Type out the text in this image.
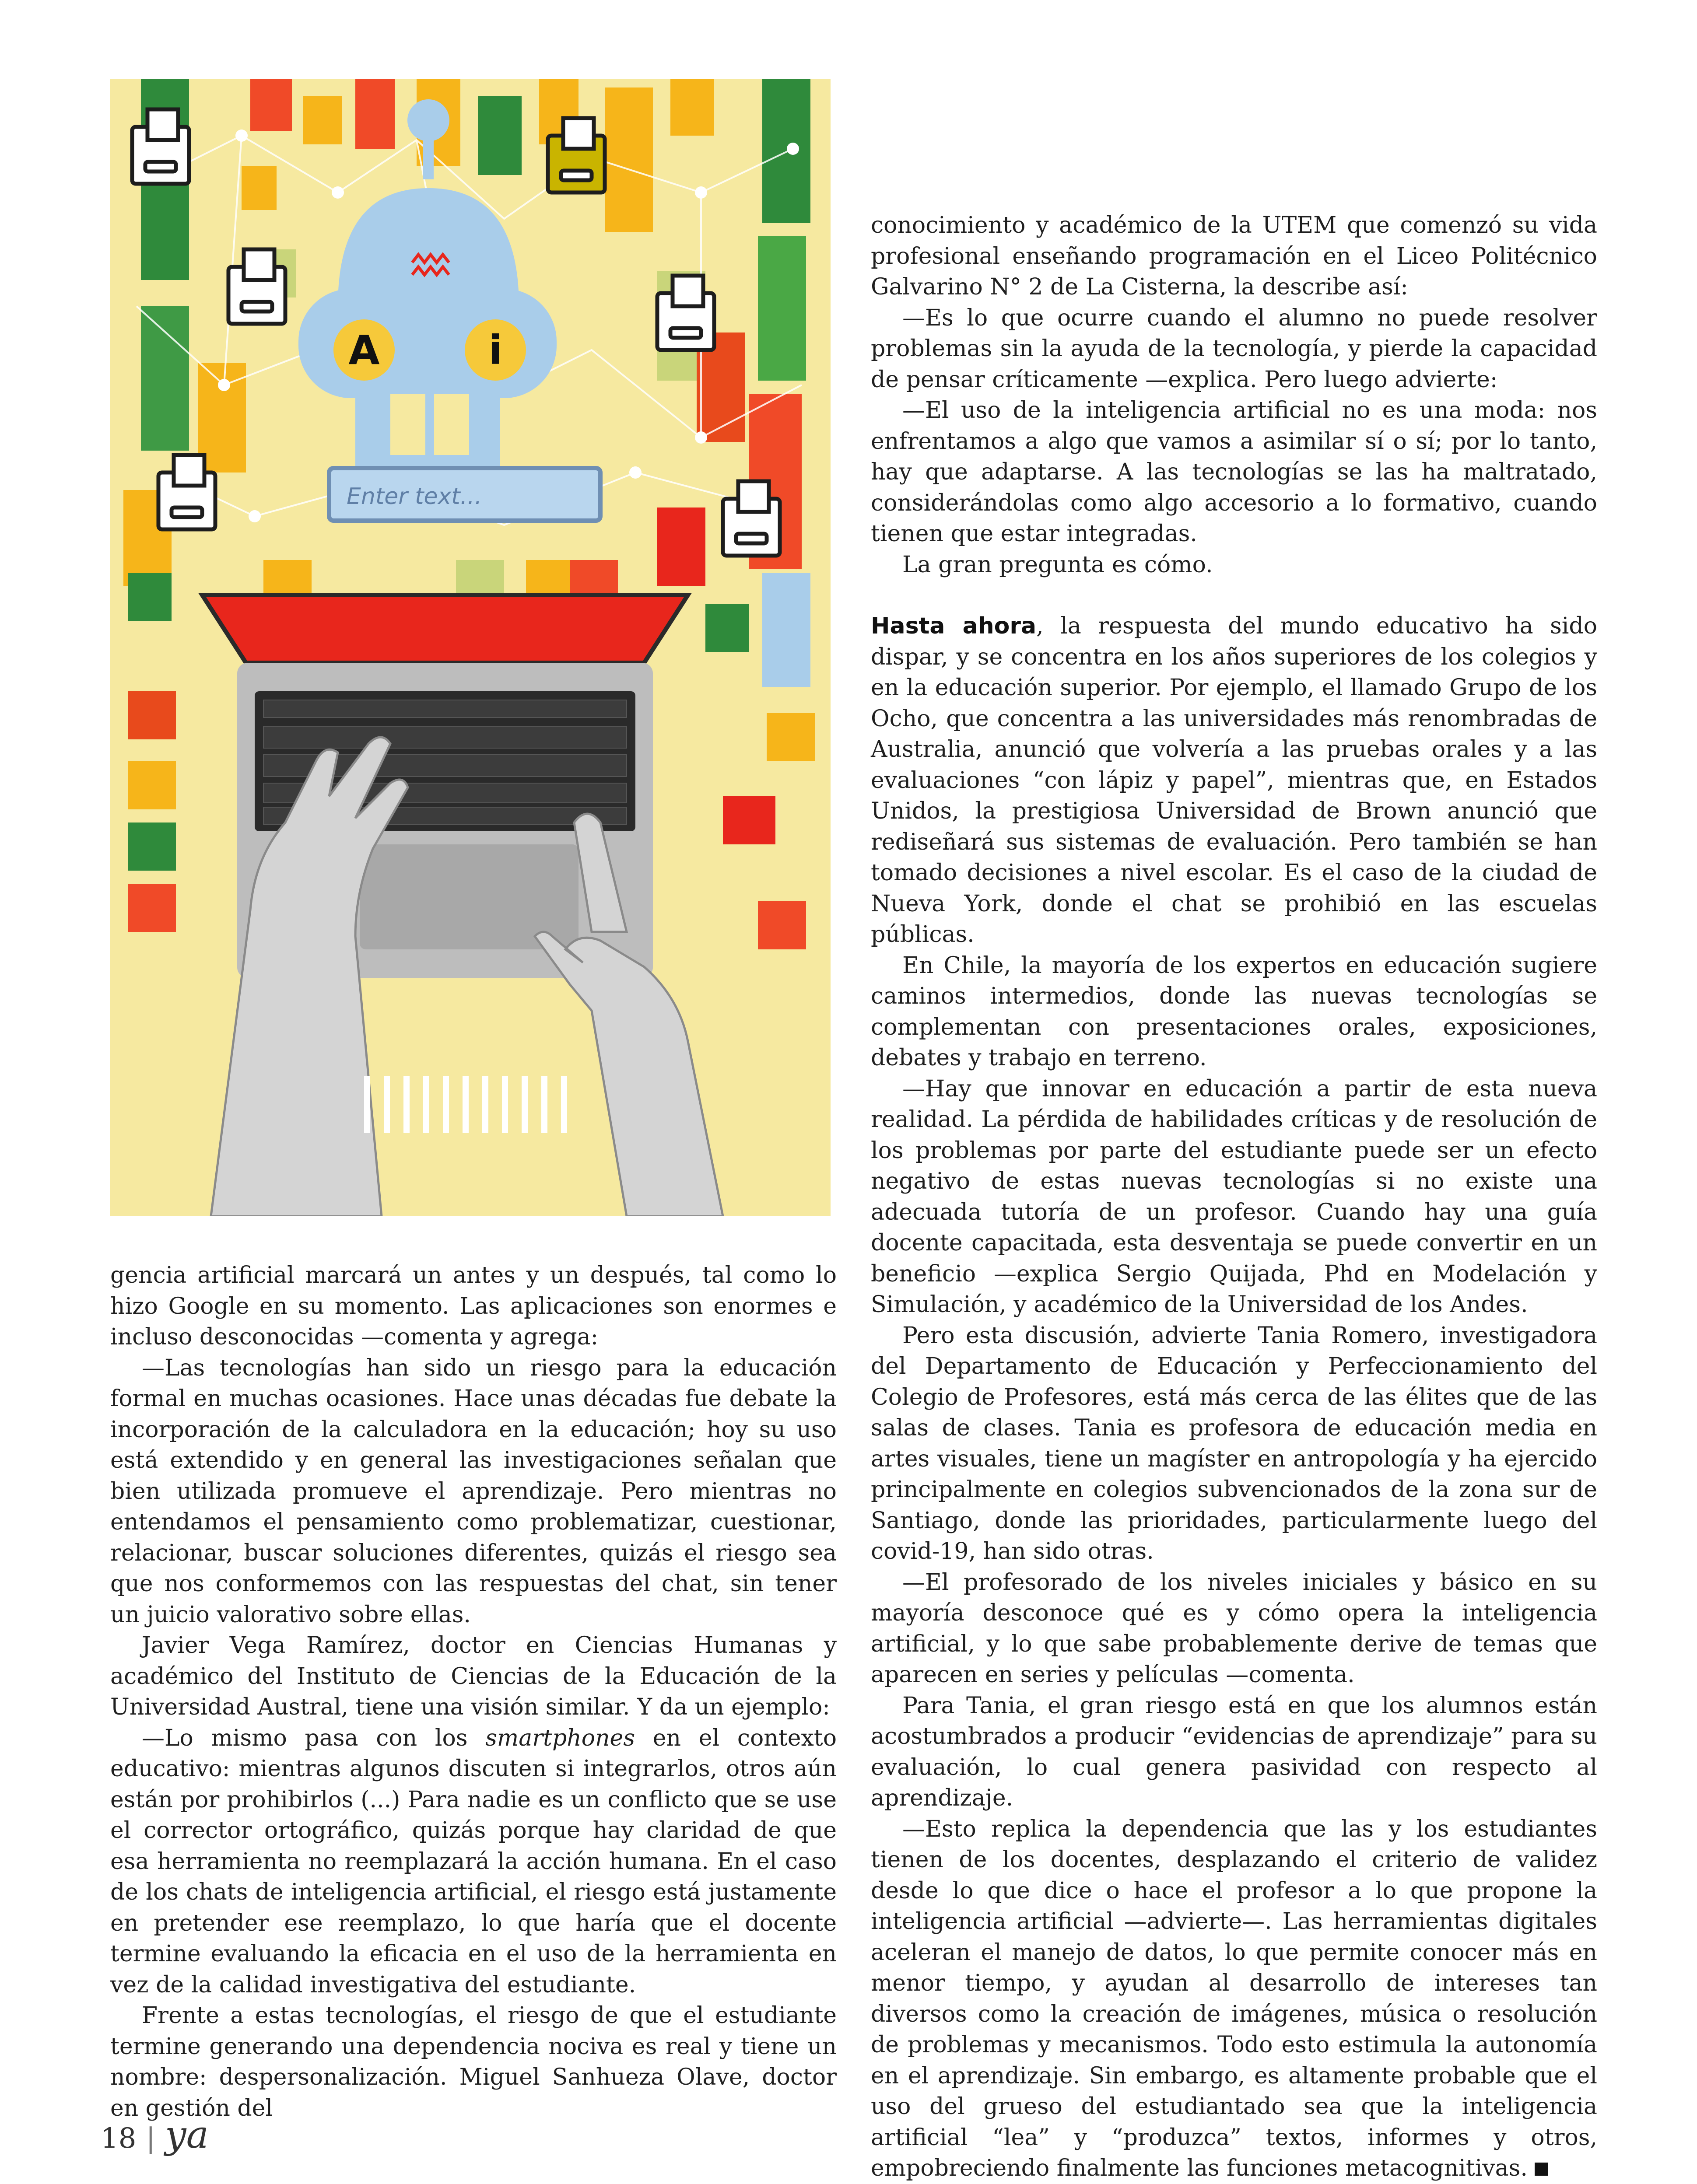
A	i
Enter text...

gencia artificial marcará un antes y un después, tal como lo hizo Google en su momento. Las aplicaciones son enormes e incluso desconocidas —comenta y agrega:

—Las tecnologías han sido un riesgo para la educación formal en muchas ocasiones. Hace unas décadas fue debate la incorporación de la calculadora en la educación; hoy su uso está extendido y en general las investigaciones señalan que bien utilizada promueve el aprendizaje. Pero mientras no entendamos el pensamiento como problematizar, cuestionar, relacionar, buscar soluciones diferentes, quizás el riesgo sea que nos conformemos con las respuestas del chat, sin tener un juicio valorativo sobre ellas.

Javier Vega Ramírez, doctor en Ciencias Humanas y académico del Instituto de Ciencias de la Educación de la Universidad Austral, tiene una visión similar. Y da un ejemplo:

—Lo mismo pasa con los smartphones en el contexto educativo: mientras algunos discuten si integrarlos, otros aún están por prohibirlos (...) Para nadie es un conflicto que se use el corrector ortográfico, quizás porque hay claridad de que esa herramienta no reemplazará la acción humana. En el caso de los chats de inteligencia artificial, el riesgo está justamente en pretender ese reemplazo, lo que haría que el docente termine evaluando la eficacia en el uso de la herramienta en vez de la calidad investigativa del estudiante.

Frente a estas tecnologías, el riesgo de que el estudiante termine generando una dependencia nociva es real y tiene un nombre: despersonalización. Miguel Sanhueza Olave, doctor en gestión del

conocimiento y académico de la UTEM que comenzó su vida profesional enseñando programación en el Liceo Politécnico Galvarino N° 2 de La Cisterna, la describe así:

—Es lo que ocurre cuando el alumno no puede resolver problemas sin la ayuda de la tecnología, y pierde la capacidad de pensar críticamente —explica. Pero luego advierte:

—El uso de la inteligencia artificial no es una moda: nos enfrentamos a algo que vamos a asimilar sí o sí; por lo tanto, hay que adaptarse. A las tecnologías se las ha maltratado, considerándolas como algo accesorio a lo formativo, cuando tienen que estar integradas.

La gran pregunta es cómo.

Hasta ahora, la respuesta del mundo educativo ha sido dispar, y se concentra en los años superiores de los colegios y en la educación superior. Por ejemplo, el llamado Grupo de los Ocho, que concentra a las universidades más renombradas de Australia, anunció que volvería a las pruebas orales y a las evaluaciones “con lápiz y papel”, mientras que, en Estados Unidos, la prestigiosa Universidad de Brown anunció que rediseñará sus sistemas de evaluación. Pero también se han tomado decisiones a nivel escolar. Es el caso de la ciudad de Nueva York, donde el chat se prohibió en las escuelas públicas.

En Chile, la mayoría de los expertos en educación sugiere caminos intermedios, donde las nuevas tecnologías se complementan con presentaciones orales, exposiciones, debates y trabajo en terreno.

—Hay que innovar en educación a partir de esta nueva realidad. La pérdida de habilidades críticas y de resolución de los problemas por parte del estudiante puede ser un efecto negativo de estas nuevas tecnologías si no existe una adecuada tutoría de un profesor. Cuando hay una guía docente capacitada, esta desventaja se puede convertir en un beneficio —explica Sergio Quijada, Phd en Modelación y Simulación, y académico de la Universidad de los Andes.

Pero esta discusión, advierte Tania Romero, investigadora del Departamento de Educación y Perfeccionamiento del Colegio de Profesores, está más cerca de las élites que de las salas de clases. Tania es profesora de educación media en artes visuales, tiene un magíster en antropología y ha ejercido principalmente en colegios subvencionados de la zona sur de Santiago, donde las prioridades, particularmente luego del covid-19, han sido otras.

—El profesorado de los niveles iniciales y básico en su mayoría desconoce qué es y cómo opera la inteligencia artificial, y lo que sabe probablemente derive de temas que aparecen en series y películas —comenta.

Para Tania, el gran riesgo está en que los alumnos están acostumbrados a producir “evidencias de aprendizaje” para su evaluación, lo cual genera pasividad con respecto al aprendizaje.

—Esto replica la dependencia que las y los estudiantes tienen de los docentes, desplazando el criterio de validez desde lo que dice o hace el profesor a lo que propone la inteligencia artificial —advierte—. Las herramientas digitales aceleran el manejo de datos, lo que permite conocer más en menor tiempo, y ayudan al desarrollo de intereses tan diversos como la creación de imágenes, música o resolución de problemas y mecanismos. Todo esto estimula la autonomía en el aprendizaje. Sin embargo, es altamente probable que el uso del grueso del estudiantado sea que la inteligencia artificial “lea” y “produzca” textos, informes y otros, empobreciendo finalmente las funciones metacognitivas.

18 | ya
